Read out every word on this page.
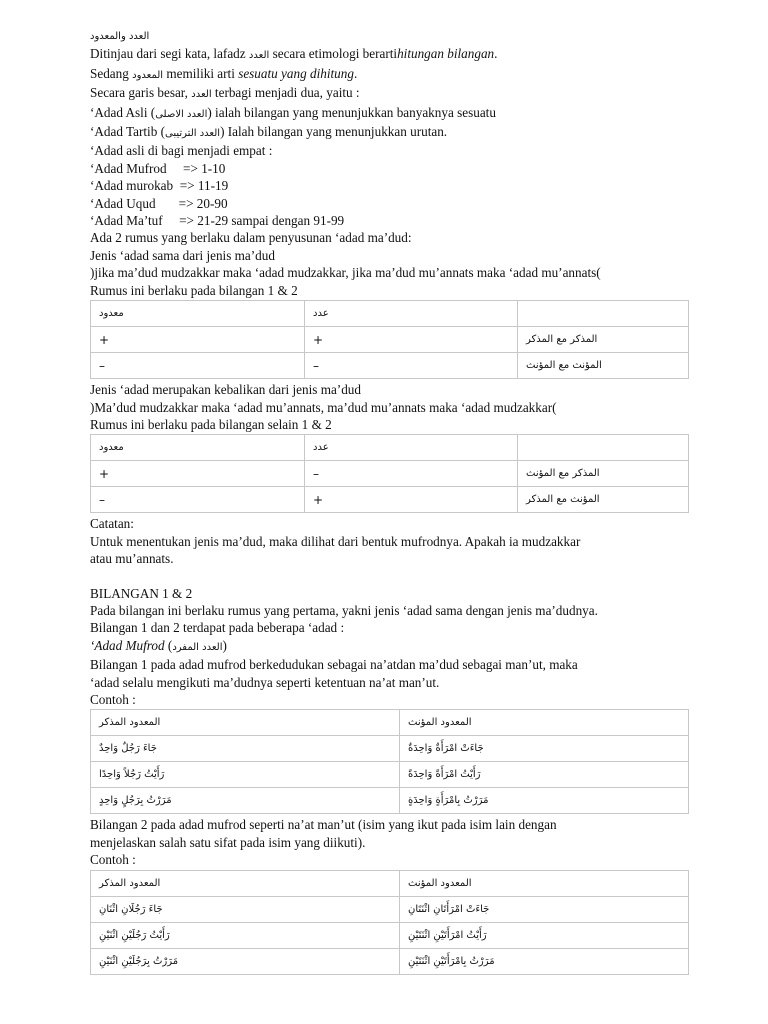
العدد والمعدود
Ditinjau dari segi kata, lafadz العدد secara etimologi berartihitungan bilangan.
Sedang المعدود memiliki arti sesuatu yang dihitung.
Secara garis besar, العدد terbagi menjadi dua, yaitu :
‘Adad Asli (العدد الاصلى) ialah bilangan yang menunjukkan banyaknya sesuatu
‘Adad Tartib (العدد الترتيبى) Ialah bilangan yang menunjukkan urutan.
‘Adad asli di bagi menjadi empat :
‘Adad Mufrod     => 1-10
‘Adad murokab  => 11-19
‘Adad Uqud       => 20-90
‘Adad Ma’tuf     => 21-29 sampai dengan 91-99
Ada 2 rumus yang berlaku dalam penyusunan ‘adad ma’dud:
Jenis ‘adad sama dari jenis ma’dud
)jika ma’dud mudzakkar maka ‘adad mudzakkar, jika ma’dud mu’annats maka ‘adad mu’annats(
Rumus ini berlaku pada bilangan 1 & 2
معدود	عدد	
+	+	المذكر مع المذكر
–	–	المؤنث مع المؤنث
Jenis ‘adad merupakan kebalikan dari jenis ma’dud
)Ma’dud mudzakkar maka ‘adad mu’annats, ma’dud mu’annats maka ‘adad mudzakkar(
Rumus ini berlaku pada bilangan selain 1 & 2
معدود	عدد	
+	–	المذكر مع المؤنث
–	+	المؤنث مع المذكر
Catatan:
Untuk menentukan jenis ma’dud, maka dilihat dari bentuk mufrodnya. Apakah ia mudzakkar
atau mu’annats.
BILANGAN 1 & 2
Pada bilangan ini berlaku rumus yang pertama, yakni jenis ‘adad sama dengan jenis ma’dudnya.
Bilangan 1 dan 2 terdapat pada beberapa ‘adad :
‘Adad Mufrod (العدد المفرد)
Bilangan 1 pada adad mufrod berkedudukan sebagai na’atdan ma’dud sebagai man’ut, maka
‘adad selalu mengikuti ma’dudnya seperti ketentuan na’at man’ut.
Contoh :
المعدود المذكر	المعدود المؤنث
جَاءَ رَجُلٌ وَاحِدٌ	جَاءَتْ امْرَأَةٌ وَاحِدَةٌ
رَأَيْتُ رَجُلاً وَاحِدًا	رَأَيْتُ امْرَأَةً وَاحِدَةً
مَرَرْتُ بِرَجُلٍ وَاحِدٍ	مَرَرْتُ بِامْرَأَةٍ وَاحِدَةٍ
Bilangan 2 pada adad mufrod seperti na’at man’ut (isim yang ikut pada isim lain dengan
menjelaskan salah satu sifat pada isim yang diikuti).
Contoh :
المعدود المذكر	المعدود المؤنث
جَاءَ رَجُلَانِ اثْنَانِ	جَاءَتْ امْرَأَتَانِ اثْنَتَانِ
رَأَيْتُ رَجُلَيْنِ اثْنَيْنِ	رَأَيْتُ امْرَأَتَيْنِ اثْنَتَيْنِ
مَرَرْتُ بِرَجُلَيْنِ اثْنَيْنِ	مَرَرْتُ بِامْرَأَتَيْنِ اثْنَتَيْنِ
